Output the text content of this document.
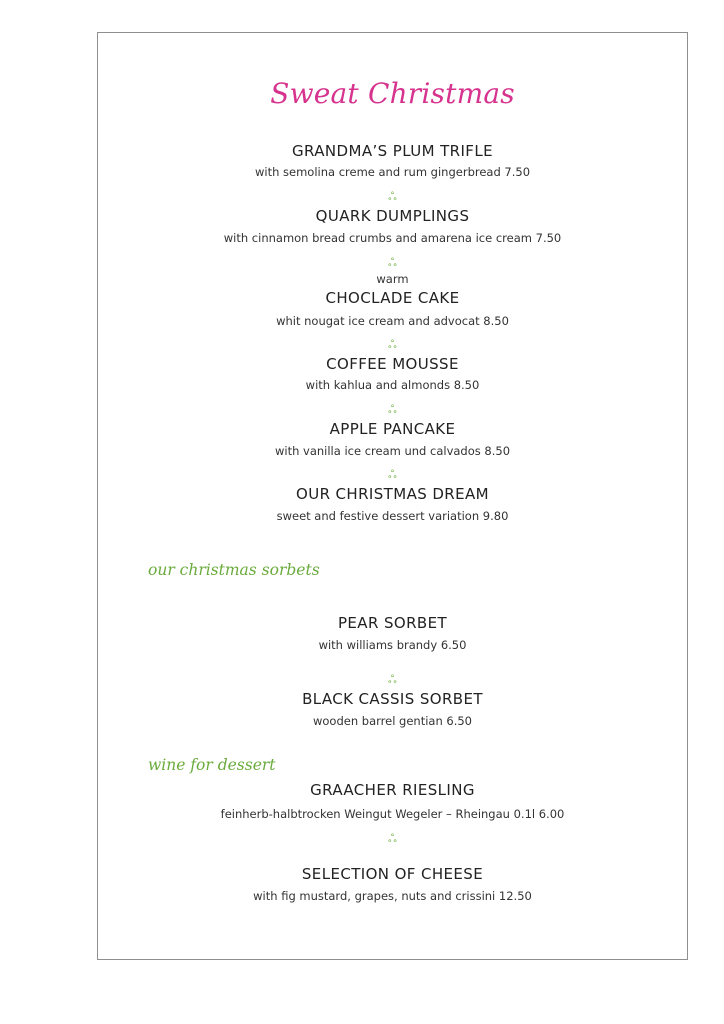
Sweat Christmas
GRANDMA’S PLUM TRIFLE
with semolina creme and rum gingerbread 7.50
ஃ
QUARK DUMPLINGS
with cinnamon bread crumbs and amarena ice cream 7.50
ஃ
warm
CHOCLADE CAKE
whit nougat ice cream and advocat 8.50
ஃ
COFFEE MOUSSE
with kahlua and almonds 8.50
ஃ
APPLE PANCAKE
with vanilla ice cream und calvados 8.50
ஃ
OUR CHRISTMAS DREAM
sweet and festive dessert variation 9.80
our christmas sorbets
PEAR SORBET
with williams brandy 6.50
ஃ
BLACK CASSIS SORBET
wooden barrel gentian 6.50
wine for dessert
GRAACHER RIESLING
feinherb-halbtrocken Weingut Wegeler – Rheingau 0.1l 6.00
ஃ
SELECTION OF CHEESE
with fig mustard, grapes, nuts and crissini 12.50
